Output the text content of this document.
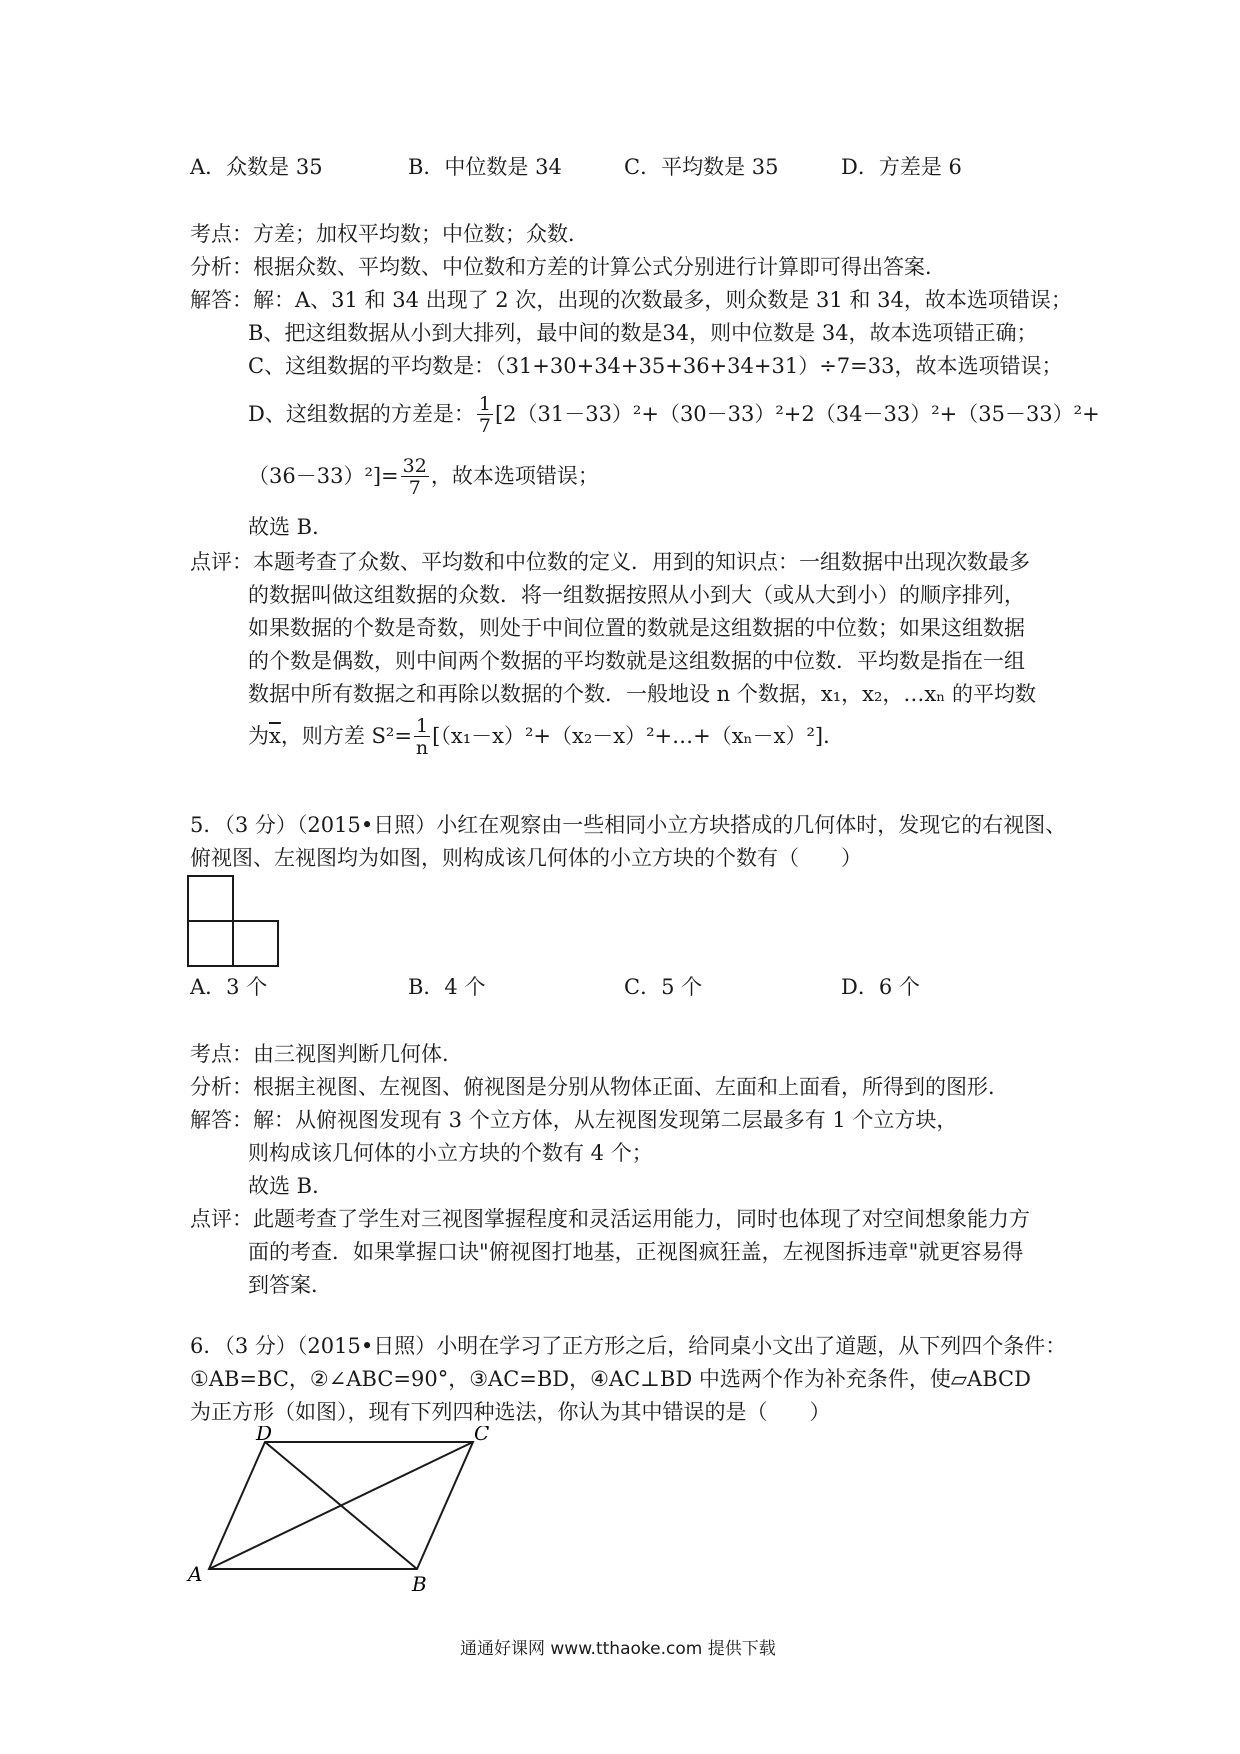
A．众数是 35	B．中位数是 34	C．平均数是 35	D．方差是 6
考点：方差；加权平均数；中位数；众数．
分析：根据众数、平均数、中位数和方差的计算公式分别进行计算即可得出答案．
解答：解：A、31 和 34 出现了 2 次，出现的次数最多，则众数是 31 和 34，故本选项错误；
B、把这组数据从小到大排列，最中间的数是34，则中位数是 34，故本选项错正确；
C、这组数据的平均数是：（31+30+34+35+36+34+31）÷7=33，故本选项错误；
D、这组数据的方差是： $\frac{1}{7} [2(31-33)^2+(30-33)^2+2(34-33)^2+(35-33)^2+$
$(36-33)^2]= \frac{32}{7}$ ，故本选项错误；
故选 B．
点评：本题考查了众数、平均数和中位数的定义．用到的知识点：一组数据中出现次数最多
的数据叫做这组数据的众数．将一组数据按照从小到大（或从大到小）的顺序排列，
如果数据的个数是奇数，则处于中间位置的数就是这组数据的中位数；如果这组数据
的个数是偶数，则中间两个数据的平均数就是这组数据的中位数．平均数是指在一组
数据中所有数据之和再除以数据的个数．一般地设 n 个数据，x₁，x₂，…xₙ 的平均数
为$\overline{x}$，则方差 $S^2= \frac{1}{n}$ [（x₁－x）²+（x₂－x）²+…+（xₙ－x）²]．
5．（3 分）（2015•日照）小红在观察由一些相同小立方块搭成的几何体时，发现它的右视图、
俯视图、左视图均为如图，则构成该几何体的小立方块的个数有（　　）
A．3 个	B．4 个	C．5 个	D．6 个
考点：由三视图判断几何体．
分析：根据主视图、左视图、俯视图是分别从物体正面、左面和上面看，所得到的图形．
解答：解：从俯视图发现有 3 个立方体，从左视图发现第二层最多有 1 个立方块，
则构成该几何体的小立方块的个数有 4 个；
故选 B．
点评：此题考查了学生对三视图掌握程度和灵活运用能力，同时也体现了对空间想象能力方
面的考查．如果掌握口诀"俯视图打地基，正视图疯狂盖，左视图拆违章"就更容易得
到答案．
6．（3 分）（2015•日照）小明在学习了正方形之后，给同桌小文出了道题，从下列四个条件：
①AB=BC，②∠ABC=90°，③AC=BD，④AC⊥BD 中选两个作为补充条件，使▱ABCD
为正方形（如图），现有下列四种选法，你认为其中错误的是（　　）
D	C
A	B
通通好课网 www.tthaoke.com 提供下载
